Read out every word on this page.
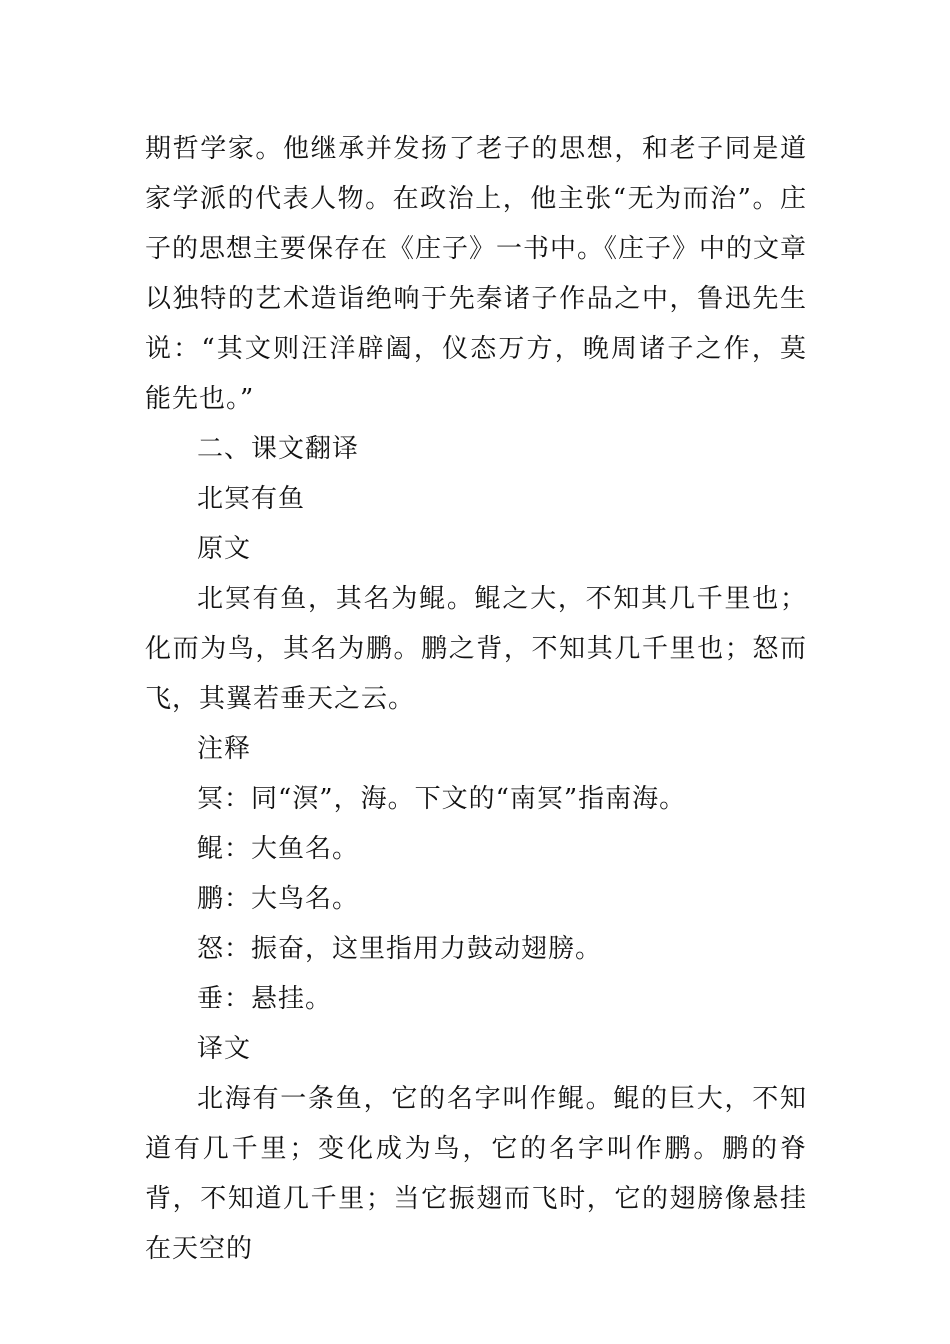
期哲学家。他继承并发扬了老子的思想，和老子同是道家学派的代表人物。在政治上，他主张“无为而治”。庄子的思想主要保存在《庄子》一书中。《庄子》中的文章以独特的艺术造诣绝响于先秦诸子作品之中，鲁迅先生说：“其文则汪洋辟阖，仪态万方，晚周诸子之作，莫能先也。”

二、课文翻译

北冥有鱼

原文

北冥有鱼，其名为鲲。鲲之大，不知其几千里也；化而为鸟，其名为鹏。鹏之背，不知其几千里也；怒而飞，其翼若垂天之云。

注释

冥：同“溟”，海。下文的“南冥”指南海。

鲲：大鱼名。

鹏：大鸟名。

怒：振奋，这里指用力鼓动翅膀。

垂：悬挂。

译文

北海有一条鱼，它的名字叫作鲲。鲲的巨大，不知道有几千里；变化成为鸟，它的名字叫作鹏。鹏的脊背，不知道几千里；当它振翅而飞时，它的翅膀像悬挂在天空的
